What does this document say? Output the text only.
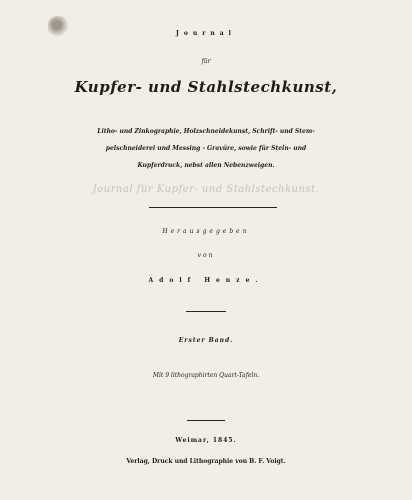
Journal
für
Kupfer- und Stahlstechkunst,
Litho- und Zinkographie, Holzschneidekunst, Schrift- und Stem-
pelschneiderei und Messing - Gravüre, sowie für Stein- und
Kupferdruck, nebst allen Nebenzweigen.
Journal für Kupfer- und Stahlstechkunst.
Herausgegeben
von
Adolf Henze.
Erster Band.
Mit 9 lithographirten Quart-Tafeln.
Weimar, 1845.
Verlag, Druck und Lithographie von B. F. Voigt.
